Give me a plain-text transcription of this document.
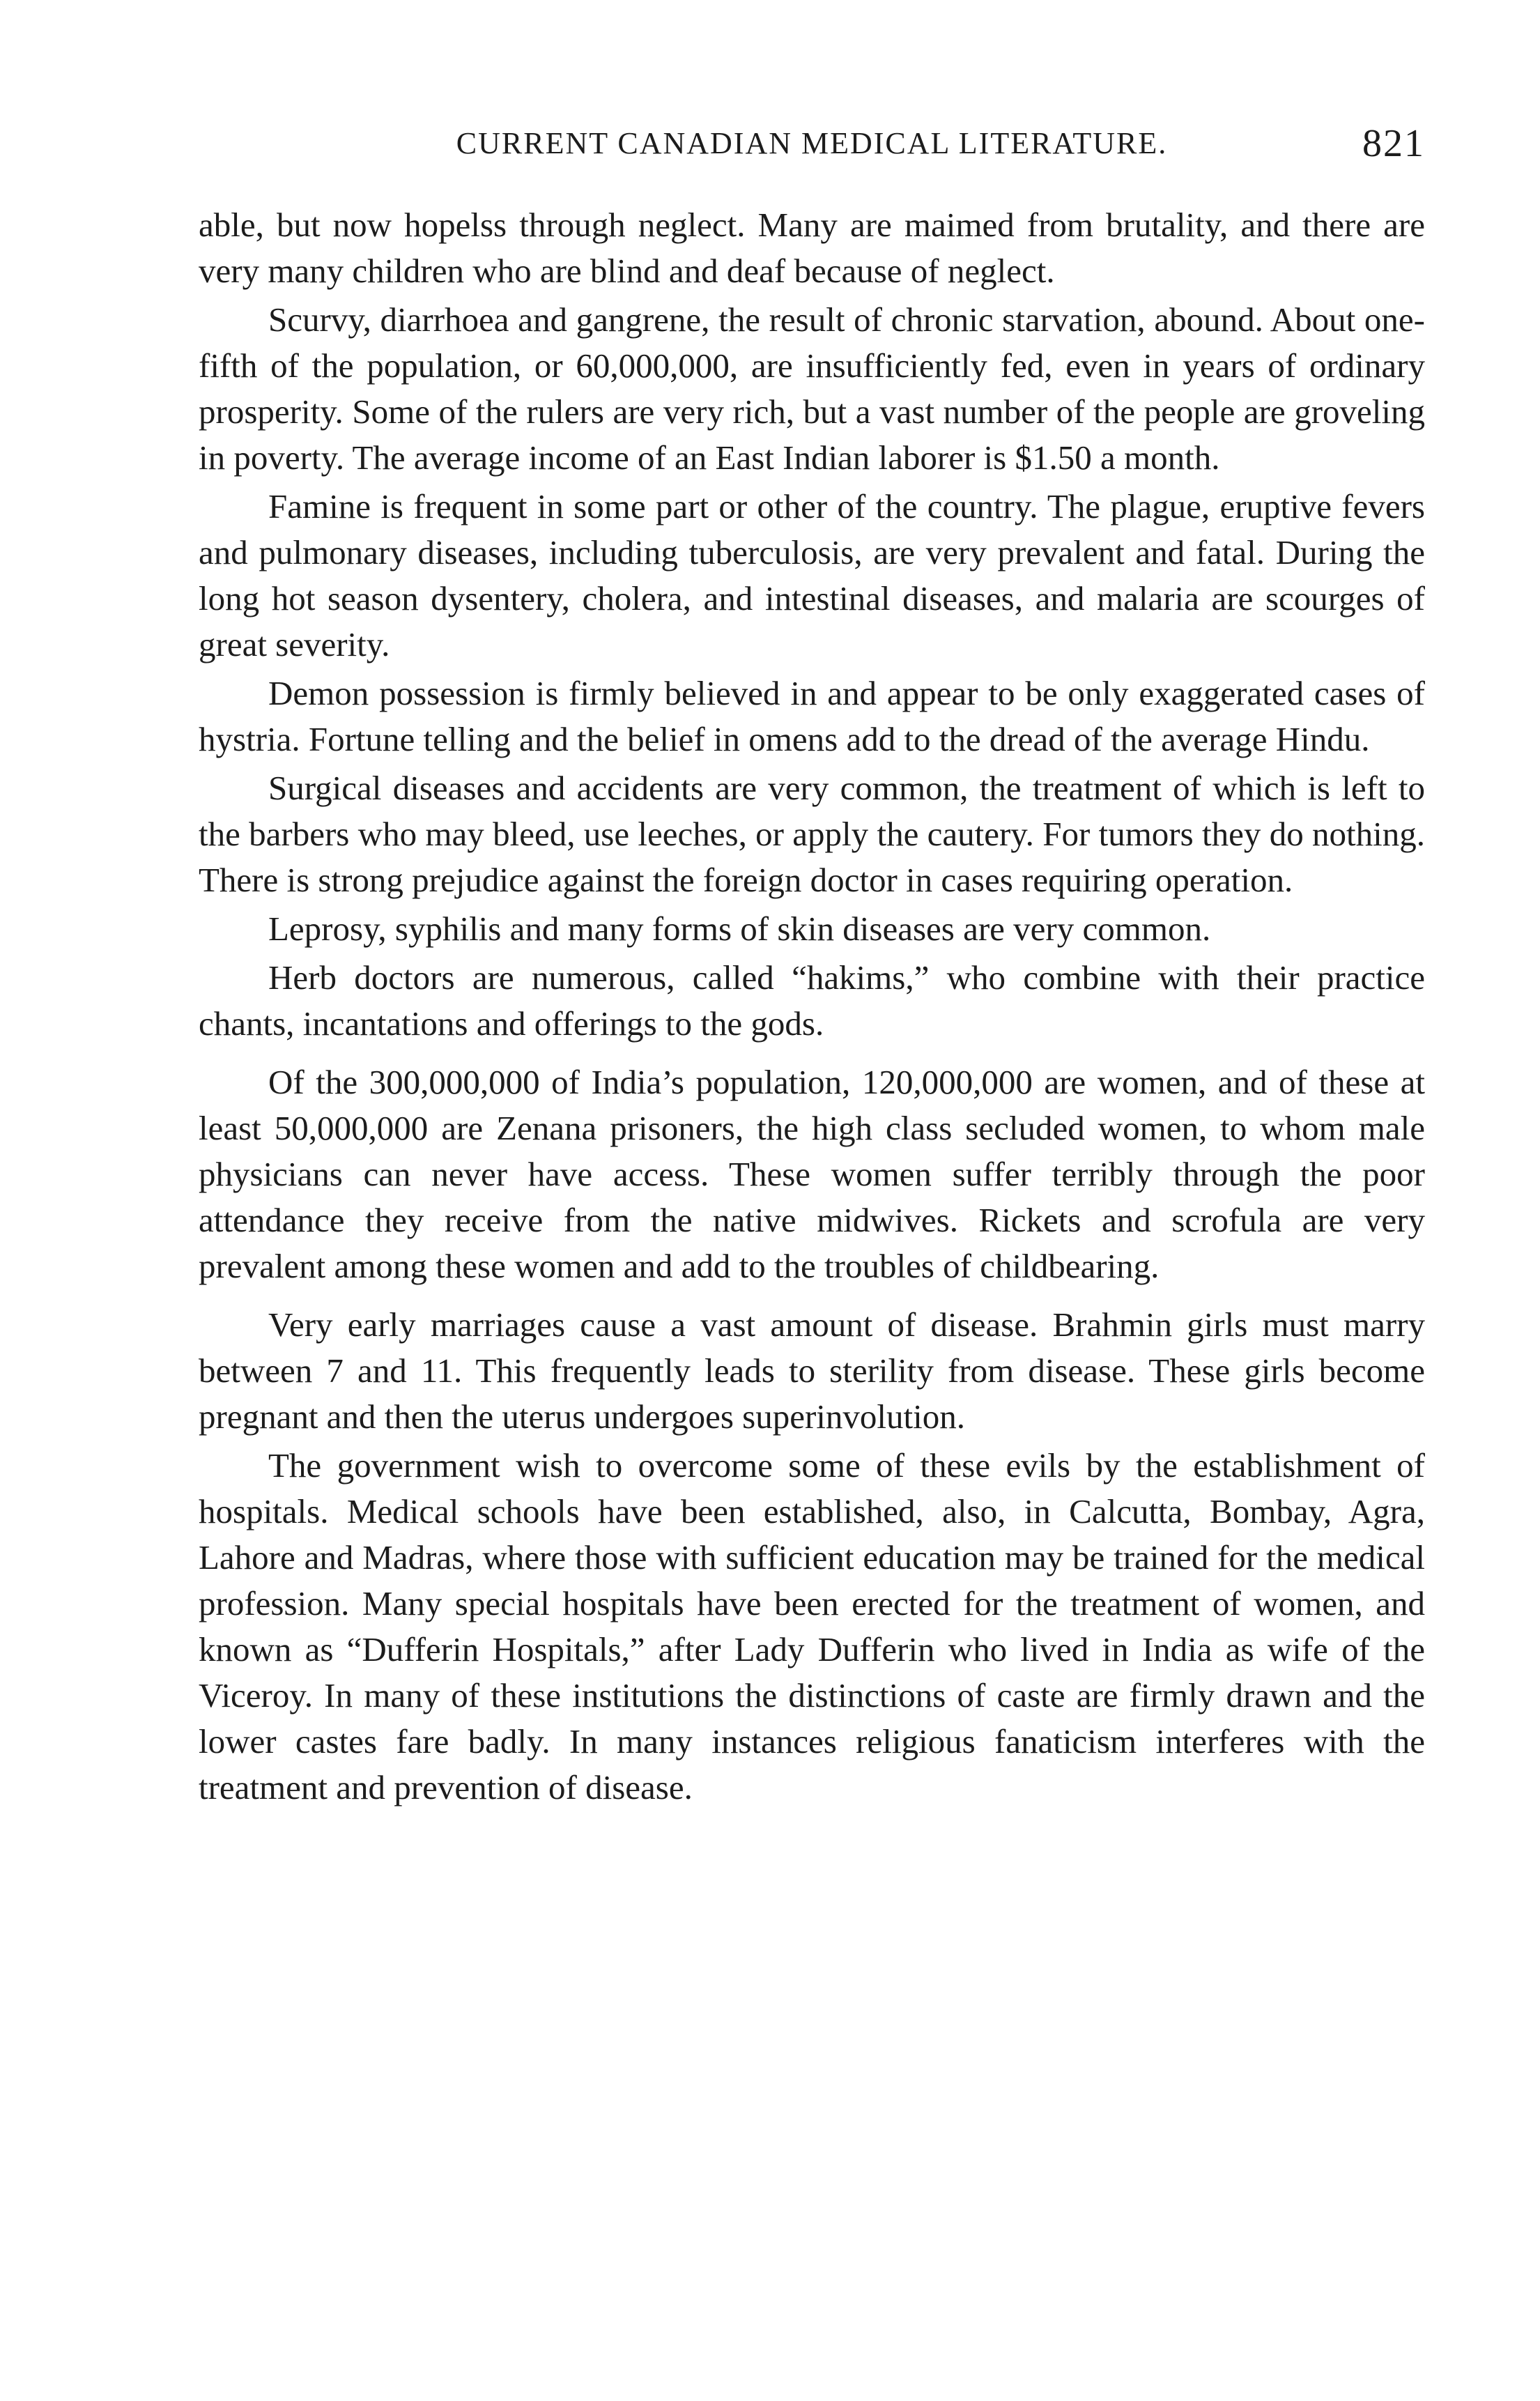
CURRENT CANADIAN MEDICAL LITERATURE.	821

able, but now hopelss through neglect. Many are maimed from brutality, and there are very many children who are blind and deaf because of neglect.

Scurvy, diarrhoea and gangrene, the result of chronic starvation, abound. About one-fifth of the population, or 60,000,000, are insufficiently fed, even in years of ordinary prosperity. Some of the rulers are very rich, but a vast number of the people are groveling in poverty. The average income of an East Indian laborer is $1.50 a month.

Famine is frequent in some part or other of the country. The plague, eruptive fevers and pulmonary diseases, including tuberculosis, are very prevalent and fatal. During the long hot season dysentery, cholera, and intestinal diseases, and malaria are scourges of great severity.

Demon possession is firmly believed in and appear to be only exaggerated cases of hystria. Fortune telling and the belief in omens add to the dread of the average Hindu.

Surgical diseases and accidents are very common, the treatment of which is left to the barbers who may bleed, use leeches, or apply the cautery. For tumors they do nothing. There is strong prejudice against the foreign doctor in cases requiring operation.

Leprosy, syphilis and many forms of skin diseases are very common.

Herb doctors are numerous, called “hakims,” who combine with their practice chants, incantations and offerings to the gods.

Of the 300,000,000 of India’s population, 120,000,000 are women, and of these at least 50,000,000 are Zenana prisoners, the high class secluded women, to whom male physicians can never have access. These women suffer terribly through the poor attendance they receive from the native midwives. Rickets and scrofula are very prevalent among these women and add to the troubles of childbearing.

Very early marriages cause a vast amount of disease. Brahmin girls must marry between 7 and 11. This frequently leads to sterility from disease. These girls become pregnant and then the uterus undergoes superinvolution.

The government wish to overcome some of these evils by the establishment of hospitals. Medical schools have been established, also, in Calcutta, Bombay, Agra, Lahore and Madras, where those with sufficient education may be trained for the medical profession. Many special hospitals have been erected for the treatment of women, and known as “Dufferin Hospitals,” after Lady Dufferin who lived in India as wife of the Viceroy. In many of these institutions the distinctions of caste are firmly drawn and the lower castes fare badly. In many instances religious fanaticism interferes with the treatment and prevention of disease.
